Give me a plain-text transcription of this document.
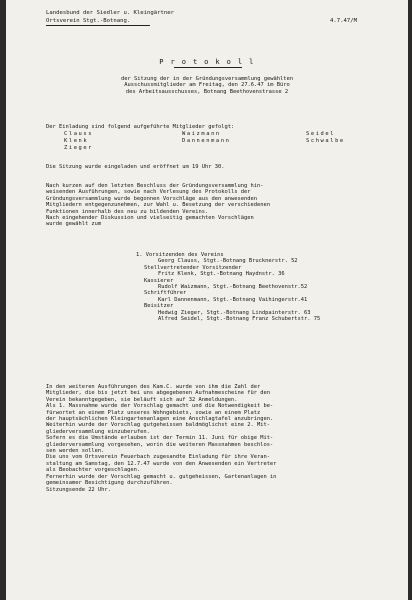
Landesbund der Siedler u. Kleingärtner
Ortsverein Stgt.-Botnang.	4.7.47/M
P r o t o k o l l
der Sitzung der in der Gründungsversammlung gewählten
Ausschussmitglieder am Freitag, den 27.6.47 im Büro
des Arbeitsausschusses, Botnang Beethovenstrasse 2
Der Einladung sind folgend aufgeführte Mitglieder gefolgt:
Clauss	Waizmann	Seidel
Klenk	Dannenmann	Schwalbe
Zieger
Die Sitzung wurde eingeladen und eröffnet um 19 Uhr 30.
Nach kurzen auf den letzten Beschluss der Gründungsversammlung hin-
weisenden Ausführungen, sowie nach Verlesung des Protokolls der
Gründungsversammlung wurde begonnen Vorschläge aus den anwesenden
Mitgliedern entgegenzunehmen, zur Wahl u. Besetzung der verschiedenen
Funktionen innerhalb des neu zu bildenden Vereins.
Nach eingehender Diskussion und vielseitig gemachten Vorschlägen
wurde gewählt zum
1. Vorsitzenden des Vereins
Georg Clauss, Stgt.-Botnang Brucknerstr. 52
Stellvertretender Vorsitzender
Fritz Klenk, Stgt.-Botnang Haydnstr. 36
Kassierer
Rudolf Waizmann, Stgt.-Botnang Beethovenstr.52
Schriftführer
Karl Dannenmann, Stgt.-Botnang Vaihingerstr.41
Beisitzer
Hedwig Zieger, Stgt.-Botnang Lindpainterstr. 63
Alfred Seidel, Stgt.-Botnang Franz Schubertstr. 75
In den weiteren Ausführungen des Kam.C. wurde von ihm die Zahl der
Mitglieder, die bis jetzt bei uns abgegebenen Aufnahmescheine für den
Verein bekanntgegeben, sie beläuft sich auf 32 Anmeldungen.
Als 1. Massnahme wurde der Vorschlag gemacht und die Notwendigkeit be-
fürwortet an einem Platz unseres Wohngebiets, sowie an einem Platz
der hauptsächlichen Kleingartenanlagen eine Anschlagtafel anzubringen.
Weiterhin wurde der Vorschlag gutgeheissen baldmöglichst eine 2. Mit-
gliederversammlung einzuberufen.
Sofern es die Umstände erlauben ist der Termin 11. Juni für obige Mit-
gliederversammlung vorgesehen, worin die weiteren Massnahmen beschlos-
sen werden sollen.
Die uns vom Ortsverein Feuerbach zugesandte Einladung für ihre Veran-
staltung am Samstag, den 12.7.47 wurde von den Anwesenden ein Vertreter
als Beobachter vorgeschlagen.
Fernerhin wurde der Vorschlag gemacht u. gutgeheissen, Gartenanlagen in
gemeinsamer Besichtigung durchzuführen.
Sitzungsende 22 Uhr.
